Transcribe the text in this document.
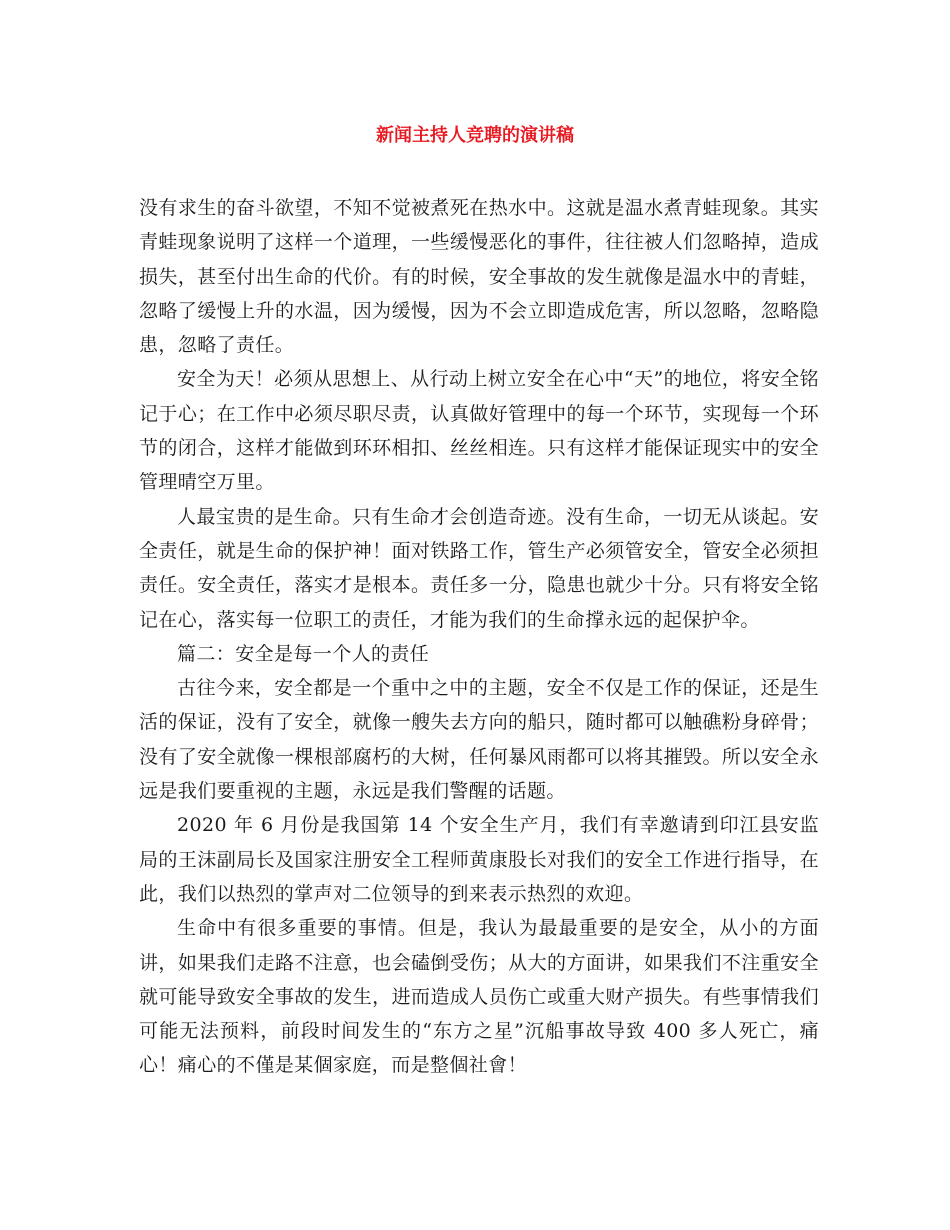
新闻主持人竞聘的演讲稿

没有求生的奋斗欲望，不知不觉被煮死在热水中。这就是温水煮青蛙现象。其实青蛙现象说明了这样一个道理，一些缓慢恶化的事件，往往被人们忽略掉，造成损失，甚至付出生命的代价。有的时候，安全事故的发生就像是温水中的青蛙，忽略了缓慢上升的水温，因为缓慢，因为不会立即造成危害，所以忽略，忽略隐患，忽略了责任。

安全为天！必须从思想上、从行动上树立安全在心中“天”的地位，将安全铭记于心；在工作中必须尽职尽责，认真做好管理中的每一个环节，实现每一个环节的闭合，这样才能做到环环相扣、丝丝相连。只有这样才能保证现实中的安全管理晴空万里。

人最宝贵的是生命。只有生命才会创造奇迹。没有生命，一切无从谈起。安全责任，就是生命的保护神！面对铁路工作，管生产必须管安全，管安全必须担责任。安全责任，落实才是根本。责任多一分，隐患也就少十分。只有将安全铭记在心，落实每一位职工的责任，才能为我们的生命撑永远的起保护伞。

篇二：安全是每一个人的责任

古往今来，安全都是一个重中之中的主题，安全不仅是工作的保证，还是生活的保证，没有了安全，就像一艘失去方向的船只，随时都可以触礁粉身碎骨；没有了安全就像一棵根部腐朽的大树，任何暴风雨都可以将其摧毁。所以安全永远是我们要重视的主题，永远是我们警醒的话题。

2020 年 6 月份是我国第 14 个安全生产月，我们有幸邀请到印江县安监局的王沫副局长及国家注册安全工程师黄康股长对我们的安全工作进行指导，在此，我们以热烈的掌声对二位领导的到来表示热烈的欢迎。

生命中有很多重要的事情。但是，我认为最最重要的是安全，从小的方面讲，如果我们走路不注意，也会磕倒受伤；从大的方面讲，如果我们不注重安全就可能导致安全事故的发生，进而造成人员伤亡或重大财产损失。有些事情我们可能无法预料，前段时间发生的“东方之星”沉船事故导致 400 多人死亡，痛心！痛心的不僅是某個家庭，而是整個社會！
